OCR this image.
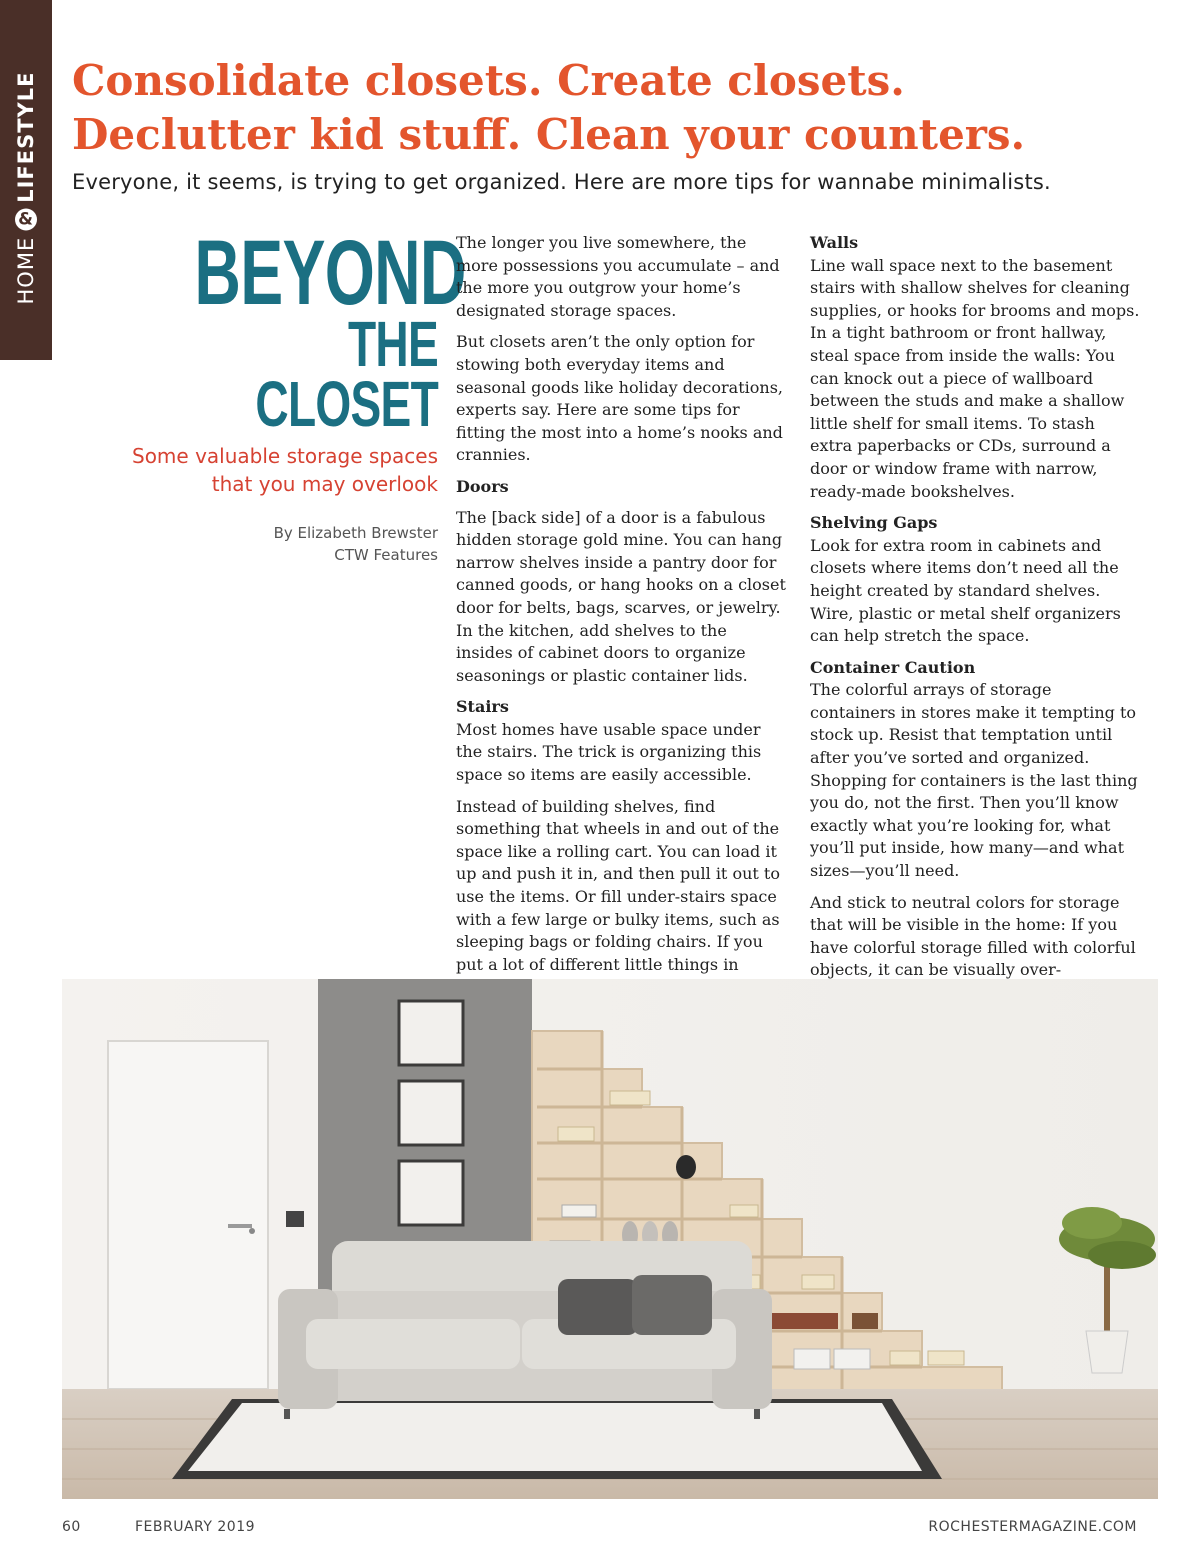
HOME
&
LIFESTYLE Consolidate closets. Create closets.
Declutter kid stuff. Clean your counters.

Everyone, it seems, is trying to get organized. Here are more tips for wannabe minimalists.

BEYOND
THE CLOSET
Some valuable storage spaces
that you may overlook
By Elizabeth Brewster
CTW Features

The longer you live somewhere, the more possessions you accumulate – and the more you outgrow your home’s designated storage spaces.

But closets aren’t the only option for stowing both everyday items and seasonal goods like holiday decorations, experts say. Here are some tips for fitting the most into a home’s nooks and crannies.

Doors

The [back side] of a door is a fabulous hidden storage gold mine. You can hang narrow shelves inside a pantry door for canned goods, or hang hooks on a closet door for belts, bags, scarves, or jewelry. In the kitchen, add shelves to the insides of cabinet doors to organize seasonings or plastic container lids.

Stairs

Most homes have usable space under the stairs. The trick is organizing this space so items are easily accessible.

Instead of building shelves, find something that wheels in and out of the space like a rolling cart. You can load it up and push it in, and then pull it out to use the items. Or fill under-stairs space with a few large or bulky items, such as sleeping bags or folding chairs. If you put a lot of different little things in

Walls

Line wall space next to the basement stairs with shallow shelves for cleaning supplies, or hooks for brooms and mops. In a tight bathroom or front hallway, steal space from inside the walls: You can knock out a piece of wallboard between the studs and make a shallow little shelf for small items. To stash extra paperbacks or CDs, surround a door or window frame with narrow, ready-made bookshelves.

Shelving Gaps

Look for extra room in cabinets and closets where items don’t need all the height created by standard shelves. Wire, plastic or metal shelf organizers can help stretch the space.

Container Caution

The colorful arrays of storage containers in stores make it tempting to stock up. Resist that temptation until after you’ve sorted and organized. Shopping for containers is the last thing you do, not the first. Then you’ll know exactly what you’re looking for, what you’ll put inside, how many—and what sizes—you’ll need.

And stick to neutral colors for storage that will be visible in the home: If you have colorful storage filled with colorful objects, it can be visually over-

60	FEBRUARY 2019	ROCHESTERMAGAZINE.COM
